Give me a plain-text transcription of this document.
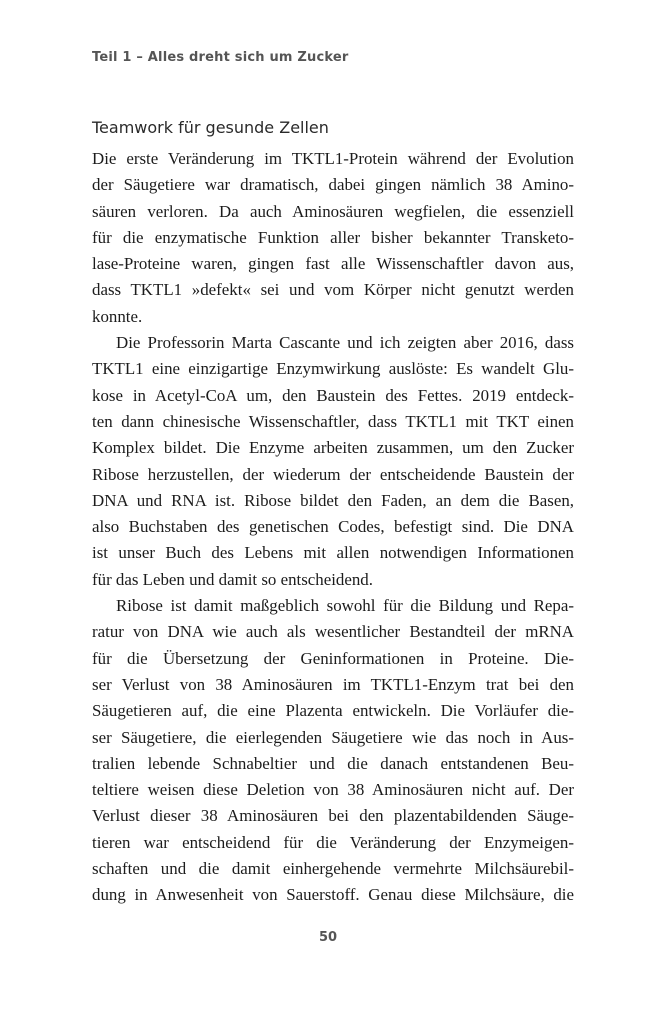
Teil 1 – Alles dreht sich um Zucker
Teamwork für gesunde Zellen
Die erste Veränderung im TKTL1-Protein während der Evolution
der Säugetiere war dramatisch, dabei gingen nämlich 38 Amino-
säuren verloren. Da auch Aminosäuren wegfielen, die essenziell
für die enzymatische Funktion aller bisher bekannter Transketo-
lase-Proteine waren, gingen fast alle Wissenschaftler davon aus,
dass TKTL1 »defekt« sei und vom Körper nicht genutzt werden
konnte.
Die Professorin Marta Cascante und ich zeigten aber 2016, dass
TKTL1 eine einzigartige Enzymwirkung auslöste: Es wandelt Glu-
kose in Acetyl-CoA um, den Baustein des Fettes. 2019 entdeck-
ten dann chinesische Wissenschaftler, dass TKTL1 mit TKT einen
Komplex bildet. Die Enzyme arbeiten zusammen, um den Zucker
Ribose herzustellen, der wiederum der entscheidende Baustein der
DNA und RNA ist. Ribose bildet den Faden, an dem die Basen,
also Buchstaben des genetischen Codes, befestigt sind. Die DNA
ist unser Buch des Lebens mit allen notwendigen Informationen
für das Leben und damit so entscheidend.
Ribose ist damit maßgeblich sowohl für die Bildung und Repa-
ratur von DNA wie auch als wesentlicher Bestandteil der mRNA
für die Übersetzung der Geninformationen in Proteine. Die-
ser Verlust von 38 Aminosäuren im TKTL1-Enzym trat bei den
Säugetieren auf, die eine Plazenta entwickeln. Die Vorläufer die-
ser Säugetiere, die eierlegenden Säugetiere wie das noch in Aus-
tralien lebende Schnabeltier und die danach entstandenen Beu-
teltiere weisen diese Deletion von 38 Aminosäuren nicht auf. Der
Verlust dieser 38 Aminosäuren bei den plazentabildenden Säuge-
tieren war entscheidend für die Veränderung der Enzymeigen-
schaften und die damit einhergehende vermehrte Milchsäurebil-
dung in Anwesenheit von Sauerstoff. Genau diese Milchsäure, die
50
